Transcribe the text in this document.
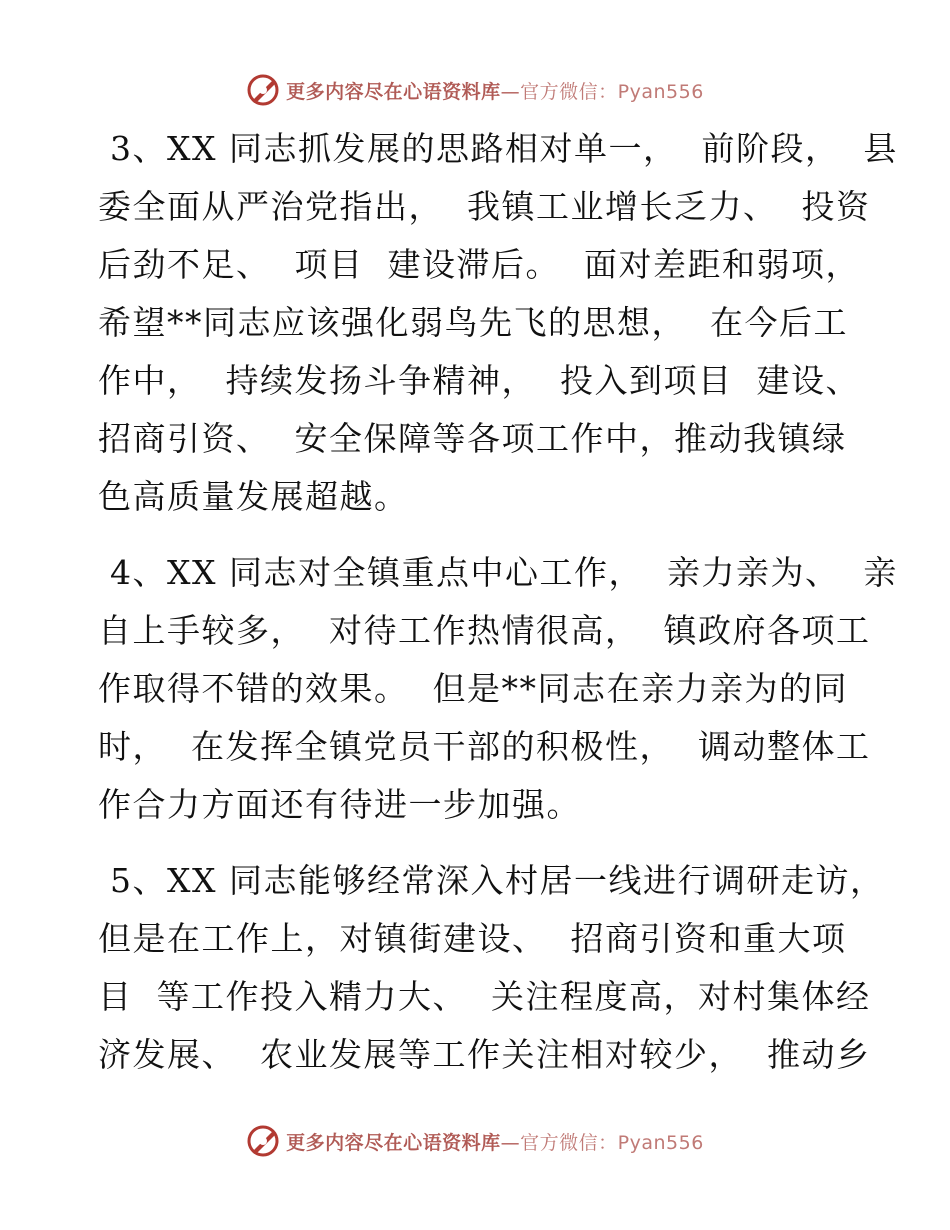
更多内容尽在心语资料库—官方微信：Pyan556
3、XX 同志抓发展的思路相对单一，  前阶段，  县
委全面从严治党指出，  我镇工业增长乏力、  投资
后劲不足、  项目  建设滞后。  面对差距和弱项，
希望**同志应该强化弱鸟先飞的思想，  在今后工
作中，  持续发扬斗争精神，  投入到项目  建设、
招商引资、  安全保障等各项工作中，推动我镇绿
色高质量发展超越。
4、XX 同志对全镇重点中心工作，  亲力亲为、  亲
自上手较多，  对待工作热情很高，  镇政府各项工
作取得不错的效果。  但是**同志在亲力亲为的同
时，  在发挥全镇党员干部的积极性，  调动整体工
作合力方面还有待进一步加强。
5、XX 同志能够经常深入村居一线进行调研走访，
但是在工作上，对镇街建设、  招商引资和重大项
目  等工作投入精力大、  关注程度高，对村集体经
济发展、  农业发展等工作关注相对较少，  推动乡
更多内容尽在心语资料库—官方微信：Pyan556
